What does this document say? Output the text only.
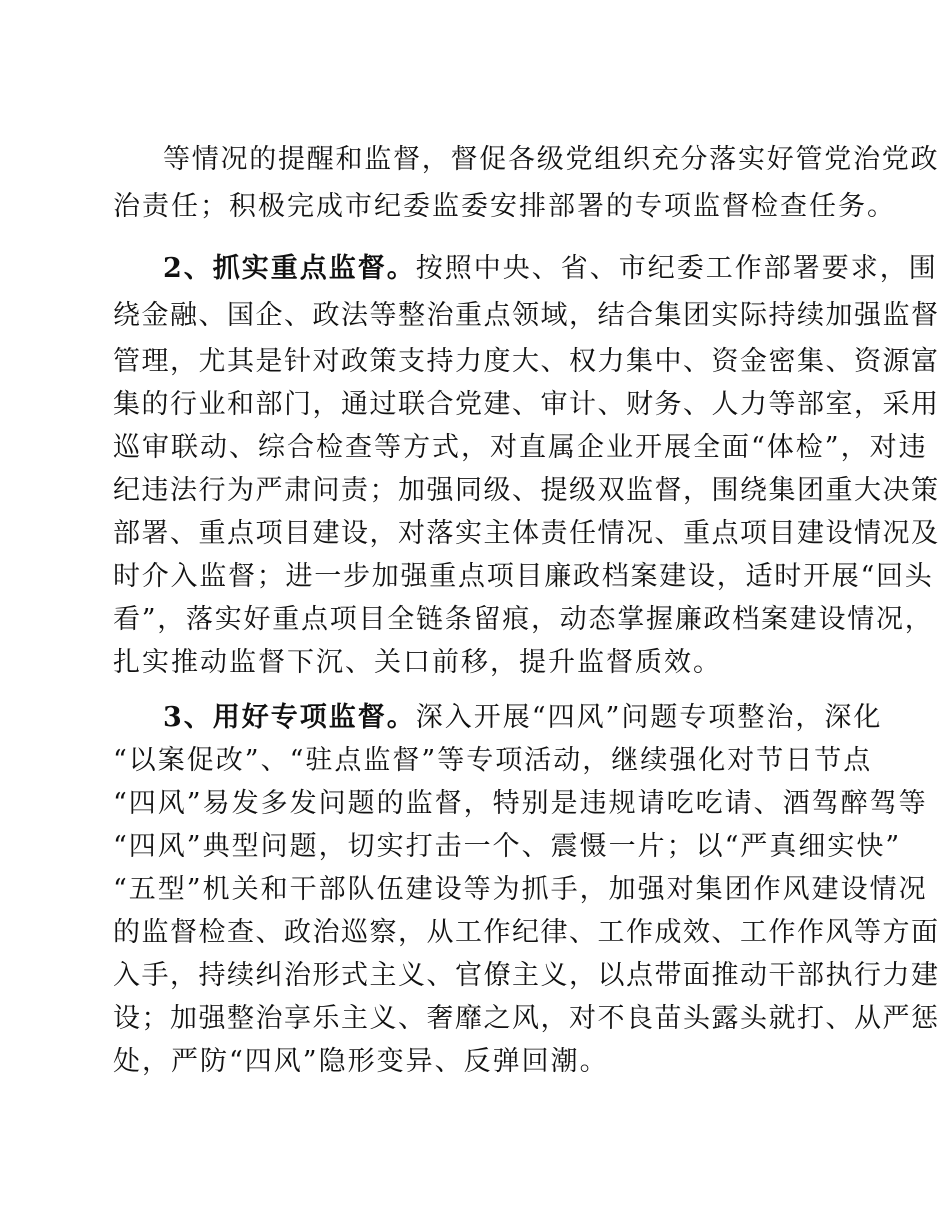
等情况的提醒和监督，督促各级党组织充分落实好管党治党政
治责任；积极完成市纪委监委安排部署的专项监督检查任务。
2、抓实重点监督。按照中央、省、市纪委工作部署要求，围
绕金融、国企、政法等整治重点领域，结合集团实际持续加强监督
管理，尤其是针对政策支持力度大、权力集中、资金密集、资源富
集的行业和部门，通过联合党建、审计、财务、人力等部室，采用
巡审联动、综合检查等方式，对直属企业开展全面“体检”，对违
纪违法行为严肃问责；加强同级、提级双监督，围绕集团重大决策
部署、重点项目建设，对落实主体责任情况、重点项目建设情况及
时介入监督；进一步加强重点项目廉政档案建设，适时开展“回头
看”，落实好重点项目全链条留痕，动态掌握廉政档案建设情况，
扎实推动监督下沉、关口前移，提升监督质效。
3、用好专项监督。深入开展“四风”问题专项整治，深化
“以案促改”、“驻点监督”等专项活动，继续强化对节日节点
“四风”易发多发问题的监督，特别是违规请吃吃请、酒驾醉驾等
“四风”典型问题，切实打击一个、震慑一片；以“严真细实快”
“五型”机关和干部队伍建设等为抓手，加强对集团作风建设情况
的监督检查、政治巡察，从工作纪律、工作成效、工作作风等方面
入手，持续纠治形式主义、官僚主义，以点带面推动干部执行力建
设；加强整治享乐主义、奢靡之风，对不良苗头露头就打、从严惩
处，严防“四风”隐形变异、反弹回潮。
